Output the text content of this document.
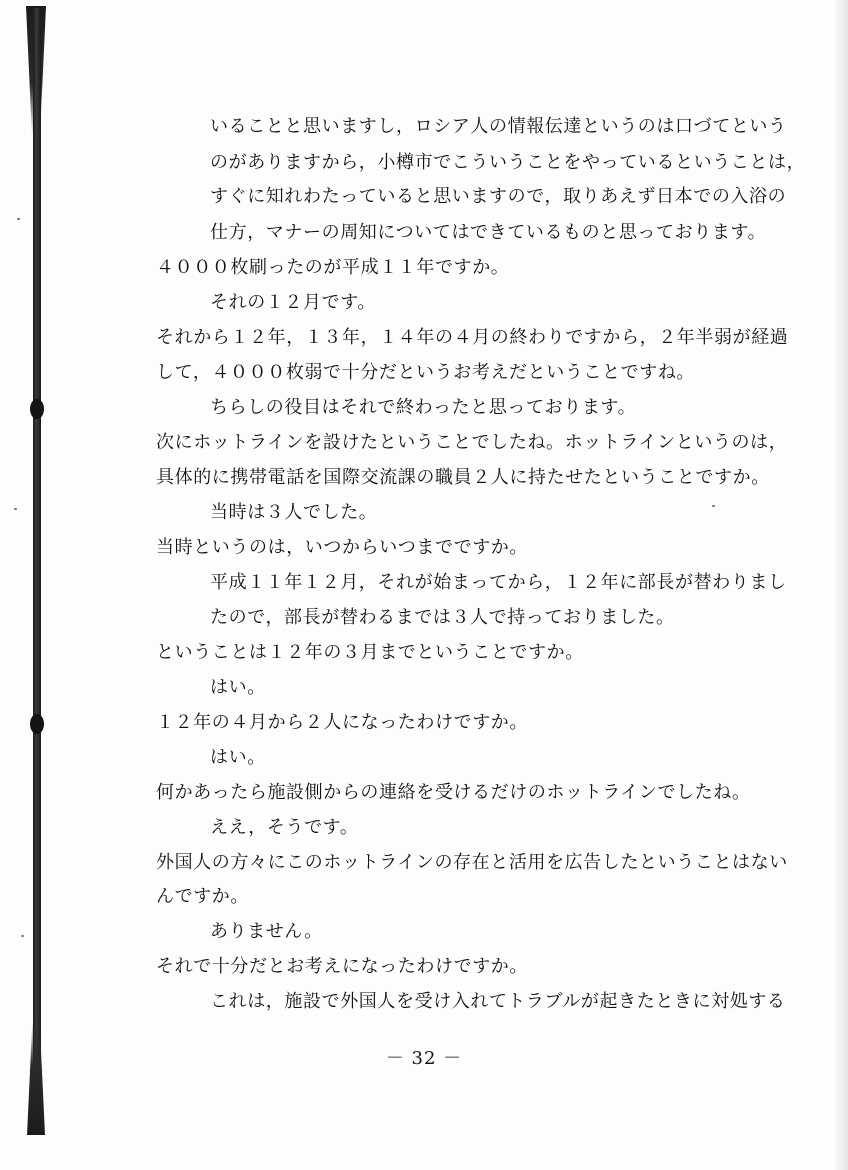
いることと思いますし，ロシア人の情報伝達というのは口づてという
のがありますから，小樽市でこういうことをやっているということは，
すぐに知れわたっていると思いますので，取りあえず日本での入浴の
仕方，マナーの周知についてはできているものと思っております。
４０００枚刷ったのが平成１１年ですか。
それの１２月です。
それから１２年，１３年，１４年の４月の終わりですから，２年半弱が経過
して，４０００枚弱で十分だというお考えだということですね。
ちらしの役目はそれで終わったと思っております。
次にホットラインを設けたということでしたね。ホットラインというのは，
具体的に携帯電話を国際交流課の職員２人に持たせたということですか。
当時は３人でした。
当時というのは，いつからいつまでですか。
平成１１年１２月，それが始まってから，１２年に部長が替わりまし
たので，部長が替わるまでは３人で持っておりました。
ということは１２年の３月までということですか。
はい。
１２年の４月から２人になったわけですか。
はい。
何かあったら施設側からの連絡を受けるだけのホットラインでしたね。
ええ，そうです。
外国人の方々にこのホットラインの存在と活用を広告したということはない
んですか。
ありません。
それで十分だとお考えになったわけですか。
これは，施設で外国人を受け入れてトラブルが起きたときに対処する
－ 32 －
